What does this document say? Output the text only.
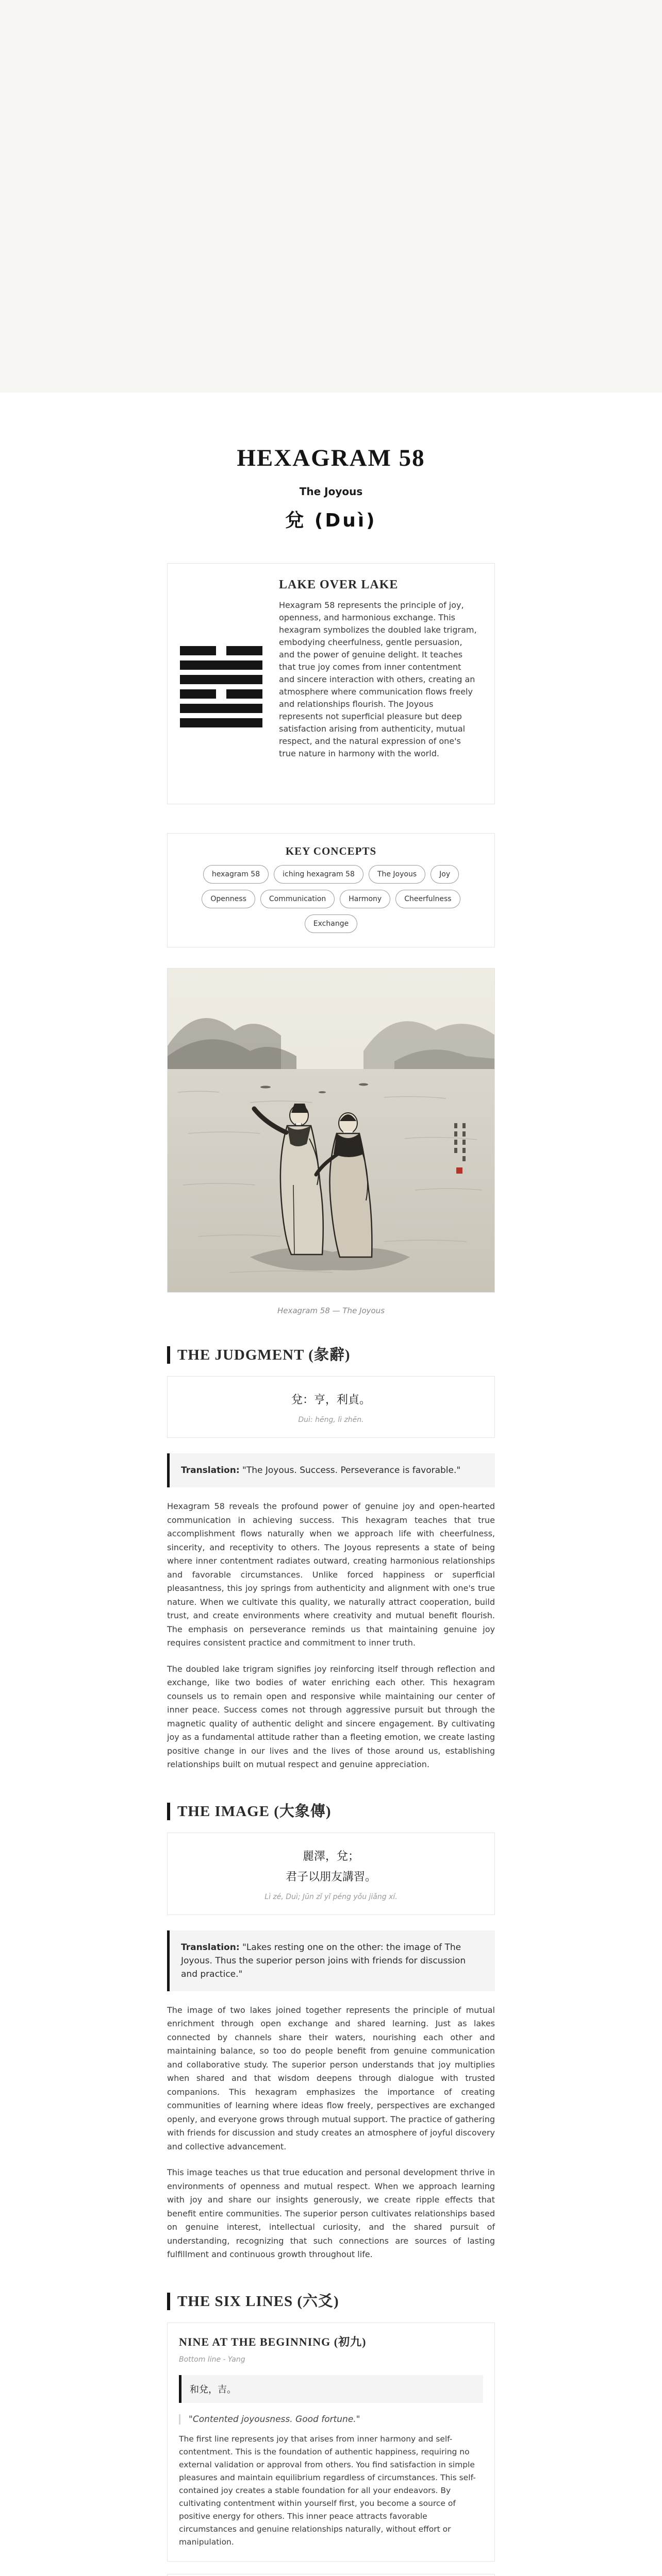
HEXAGRAM 58
The Joyous
兌 (Duì)
LAKE OVER LAKE

Hexagram 58 represents the principle of joy, openness, and harmonious exchange. This hexagram symbolizes the doubled lake trigram, embodying cheerfulness, gentle persuasion, and the power of genuine delight. It teaches that true joy comes from inner contentment and sincere interaction with others, creating an atmosphere where communication flows freely and relationships flourish. The Joyous represents not superficial pleasure but deep satisfaction arising from authenticity, mutual respect, and the natural expression of one's true nature in harmony with the world.

KEY CONCEPTS
hexagram 58	iching hexagram 58	The Joyous	Joy
Openness	Communication	Harmony	Cheerfulness
Exchange
Hexagram 58 — The Joyous
THE JUDGMENT (彖辭)
兌：亨，利貞。
Duì: hēng, lì zhēn.
Translation: "The Joyous. Success. Perseverance is favorable."

Hexagram 58 reveals the profound power of genuine joy and open-hearted communication in achieving success. This hexagram teaches that true accomplishment flows naturally when we approach life with cheerfulness, sincerity, and receptivity to others. The Joyous represents a state of being where inner contentment radiates outward, creating harmonious relationships and favorable circumstances. Unlike forced happiness or superficial pleasantness, this joy springs from authenticity and alignment with one's true nature. When we cultivate this quality, we naturally attract cooperation, build trust, and create environments where creativity and mutual benefit flourish. The emphasis on perseverance reminds us that maintaining genuine joy requires consistent practice and commitment to inner truth.

The doubled lake trigram signifies joy reinforcing itself through reflection and exchange, like two bodies of water enriching each other. This hexagram counsels us to remain open and responsive while maintaining our center of inner peace. Success comes not through aggressive pursuit but through the magnetic quality of authentic delight and sincere engagement. By cultivating joy as a fundamental attitude rather than a fleeting emotion, we create lasting positive change in our lives and the lives of those around us, establishing relationships built on mutual respect and genuine appreciation.

THE IMAGE (大象傳)
麗澤，兌；
君子以朋友講習。
Lì zé, Duì; Jūn zǐ yǐ péng yǒu jiǎng xí.
Translation: "Lakes resting one on the other: the image of The Joyous. Thus the superior person joins with friends for discussion and practice."

The image of two lakes joined together represents the principle of mutual enrichment through open exchange and shared learning. Just as lakes connected by channels share their waters, nourishing each other and maintaining balance, so too do people benefit from genuine communication and collaborative study. The superior person understands that joy multiplies when shared and that wisdom deepens through dialogue with trusted companions. This hexagram emphasizes the importance of creating communities of learning where ideas flow freely, perspectives are exchanged openly, and everyone grows through mutual support. The practice of gathering with friends for discussion and study creates an atmosphere of joyful discovery and collective advancement.

This image teaches us that true education and personal development thrive in environments of openness and mutual respect. When we approach learning with joy and share our insights generously, we create ripple effects that benefit entire communities. The superior person cultivates relationships based on genuine interest, intellectual curiosity, and the shared pursuit of understanding, recognizing that such connections are sources of lasting fulfillment and continuous growth throughout life.

THE SIX LINES (六爻)
NINE AT THE BEGINNING (初九)
Bottom line - Yang
和兌，吉。
"Contented joyousness. Good fortune."

The first line represents joy that arises from inner harmony and self-contentment. This is the foundation of authentic happiness, requiring no external validation or approval from others. You find satisfaction in simple pleasures and maintain equilibrium regardless of circumstances. This self-contained joy creates a stable foundation for all your endeavors. By cultivating contentment within yourself first, you become a source of positive energy for others. This inner peace attracts favorable circumstances and genuine relationships naturally, without effort or manipulation.
